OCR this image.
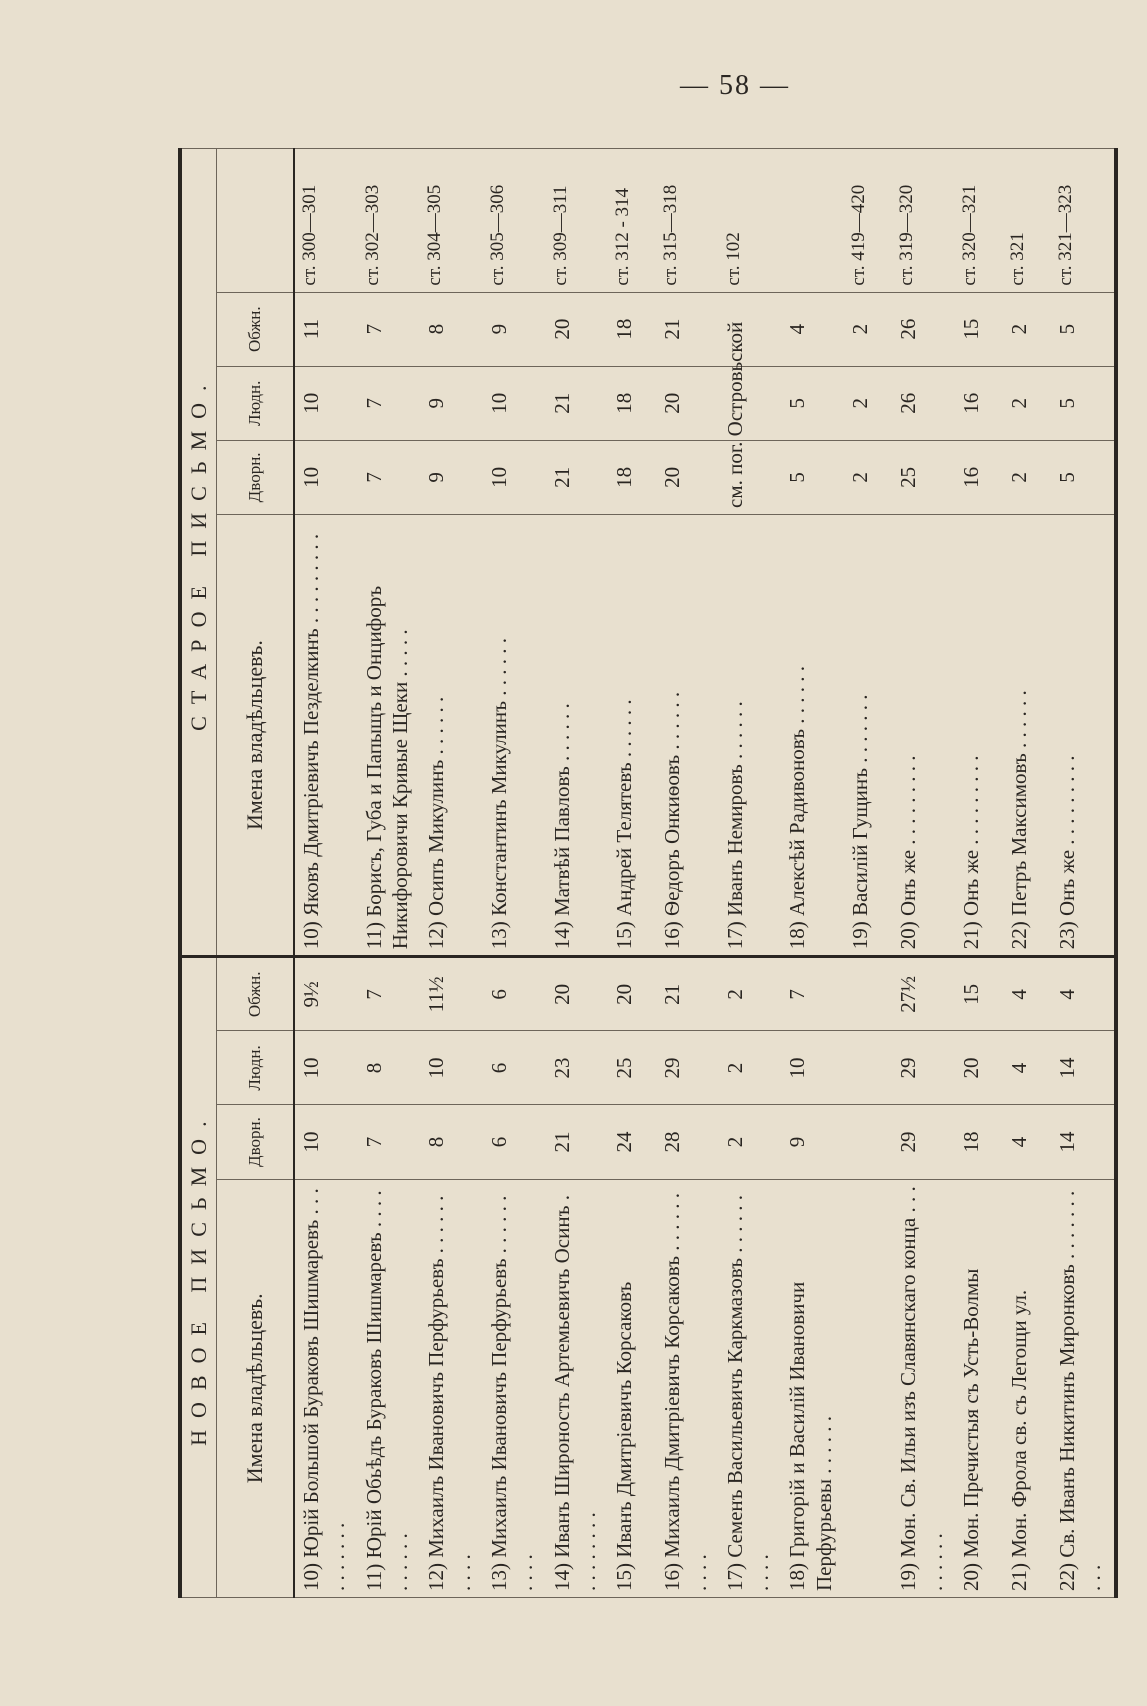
— 58 —
НОВОЕ ПИСЬМО.				СТАРОЕ ПИСЬМО.				
Имена владѣльцевъ.	Дворн.	Людн.	Обжн.	Имена владѣльцевъ.	Дворн.	Людн.	Обжн.	
10) Юрій Большой Бураковъ Шишмаревъ . . . . . . . . . .	10	10	9½	10) Яковъ Дмитріевичъ Пезделкинъ . . . . . . . . .	10	10	11	ст. 300—301
11) Юрій Обьѣдъ Бураковъ Шишмаревъ . . . . . . . . . .	7	8	7	11) Борисъ, Губа и Папыщъ и Онцифоръ Никифоровичи Кривые Щеки . . . . .	7	7	7	ст. 302—303
12) Михаилъ Ивановичъ Перфурьевъ . . . . . . . . . .	8	10	11½	12) Осипъ Микулинъ . . . . . .	9	9	8	ст. 304—305
13) Михаилъ Ивановичъ Перфурьевъ . . . . . . . . . .	6	6	6	13) Константинъ Микулинъ . . . . . .	10	10	9	ст. 305—306
14) Иванъ Широность Артемьевичъ Осинъ . . . . . . . . .	21	23	20	14) Матвѣй Павловъ . . . . . .	21	21	20	ст. 309—311
15) Иванъ Дмитріевичъ Корсаковъ	24	25	20	15) Андрей Телятевъ . . . . . .	18	18	18	ст. 312 - 314
16) Михаилъ Дмитріевичъ Корсаковъ . . . . . . . . . .	28	29	21	16) Ѳедоръ Онкиѳовъ . . . . . .	20	20	21	ст. 315—318
17) Семенъ Васильевичъ Каркмазовъ . . . . . . . . . .	2	2	2	17) Иванъ Немировъ . . . . . .	см. пог. Островьской			ст. 102
18) Григорій и Василій Ивановичи Перфурьевы . . . . . .	9	10	7	18) Алексѣй Радивоновъ . . . . . .	5	5	4	
				19) Василій Гущинъ . . . . . . .	2	2	2	ст. 419—420
19) Мон. Св. Ильи изъ Славянскаго конца . . . . . . . . .	29	29	27½	20) Онъ же . . . . . . . . .	25	26	26	ст. 319—320
20) Мон. Пречистыя съ Усть-Волмы	18	20	15	21) Онъ же . . . . . . . . .	16	16	15	ст. 320—321
21) Мон. Фрола св. съ Легощи ул.	4	4	4	22) Петръ Максимовъ . . . . . .	2	2	2	ст. 321
22) Св. Иванъ Никитинъ Миронковъ . . . . . . . . . .	14	14	4	23) Онъ же . . . . . . . . .	5	5	5	ст. 321—323
